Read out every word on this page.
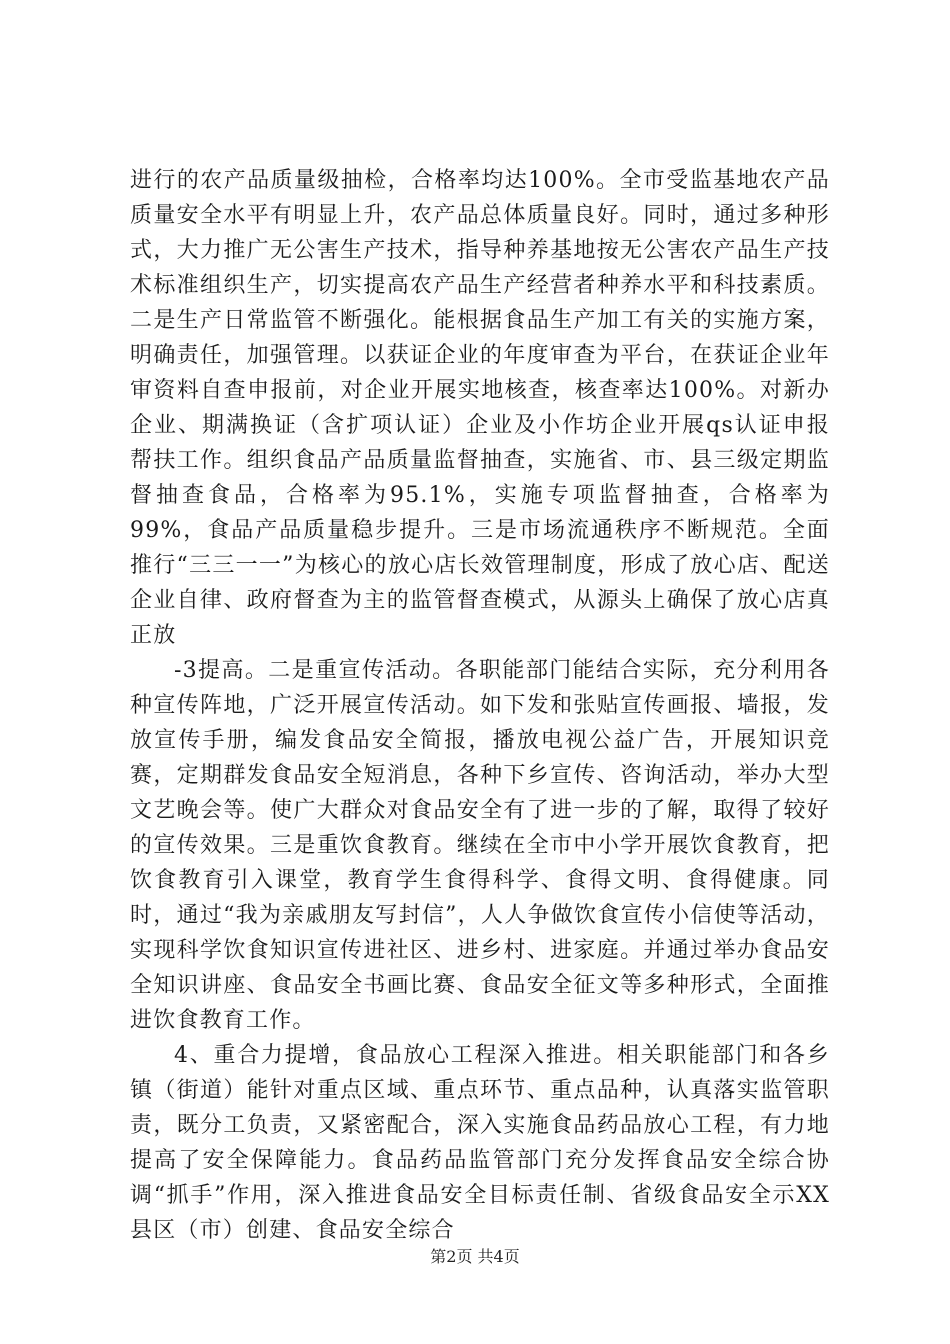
进行的农产品质量级抽检，合格率均达100%。全市受监基地农产品质量安全水平有明显上升，农产品总体质量良好。同时，通过多种形式，大力推广无公害生产技术，指导种养基地按无公害农产品生产技术标准组织生产，切实提高农产品生产经营者种养水平和科技素质。二是生产日常监管不断强化。能根据食品生产加工有关的实施方案，明确责任，加强管理。以获证企业的年度审查为平台，在获证企业年审资料自查申报前，对企业开展实地核查，核查率达100%。对新办企业、期满换证（含扩项认证）企业及小作坊企业开展qs认证申报帮扶工作。组织食品产品质量监督抽查，实施省、市、县三级定期监督抽查食品，合格率为95.1%，实施专项监督抽查，合格率为99%，食品产品质量稳步提升。三是市场流通秩序不断规范。全面推行“三三一一”为核心的放心店长效管理制度，形成了放心店、配送企业自律、政府督查为主的监管督查模式，从源头上确保了放心店真正放

-3提高。二是重宣传活动。各职能部门能结合实际，充分利用各种宣传阵地，广泛开展宣传活动。如下发和张贴宣传画报、墙报，发放宣传手册，编发食品安全简报，播放电视公益广告，开展知识竞赛，定期群发食品安全短消息，各种下乡宣传、咨询活动，举办大型文艺晚会等。使广大群众对食品安全有了进一步的了解，取得了较好的宣传效果。三是重饮食教育。继续在全市中小学开展饮食教育，把饮食教育引入课堂，教育学生食得科学、食得文明、食得健康。同时，通过“我为亲戚朋友写封信”，人人争做饮食宣传小信使等活动，实现科学饮食知识宣传进社区、进乡村、进家庭。并通过举办食品安全知识讲座、食品安全书画比赛、食品安全征文等多种形式，全面推进饮食教育工作。

4、重合力提增，食品放心工程深入推进。相关职能部门和各乡镇（街道）能针对重点区域、重点环节、重点品种，认真落实监管职责，既分工负责，又紧密配合，深入实施食品药品放心工程，有力地提高了安全保障能力。食品药品监管部门充分发挥食品安全综合协调“抓手”作用，深入推进食品安全目标责任制、省级食品安全示XX县区（市）创建、食品安全综合

第2页 共4页
